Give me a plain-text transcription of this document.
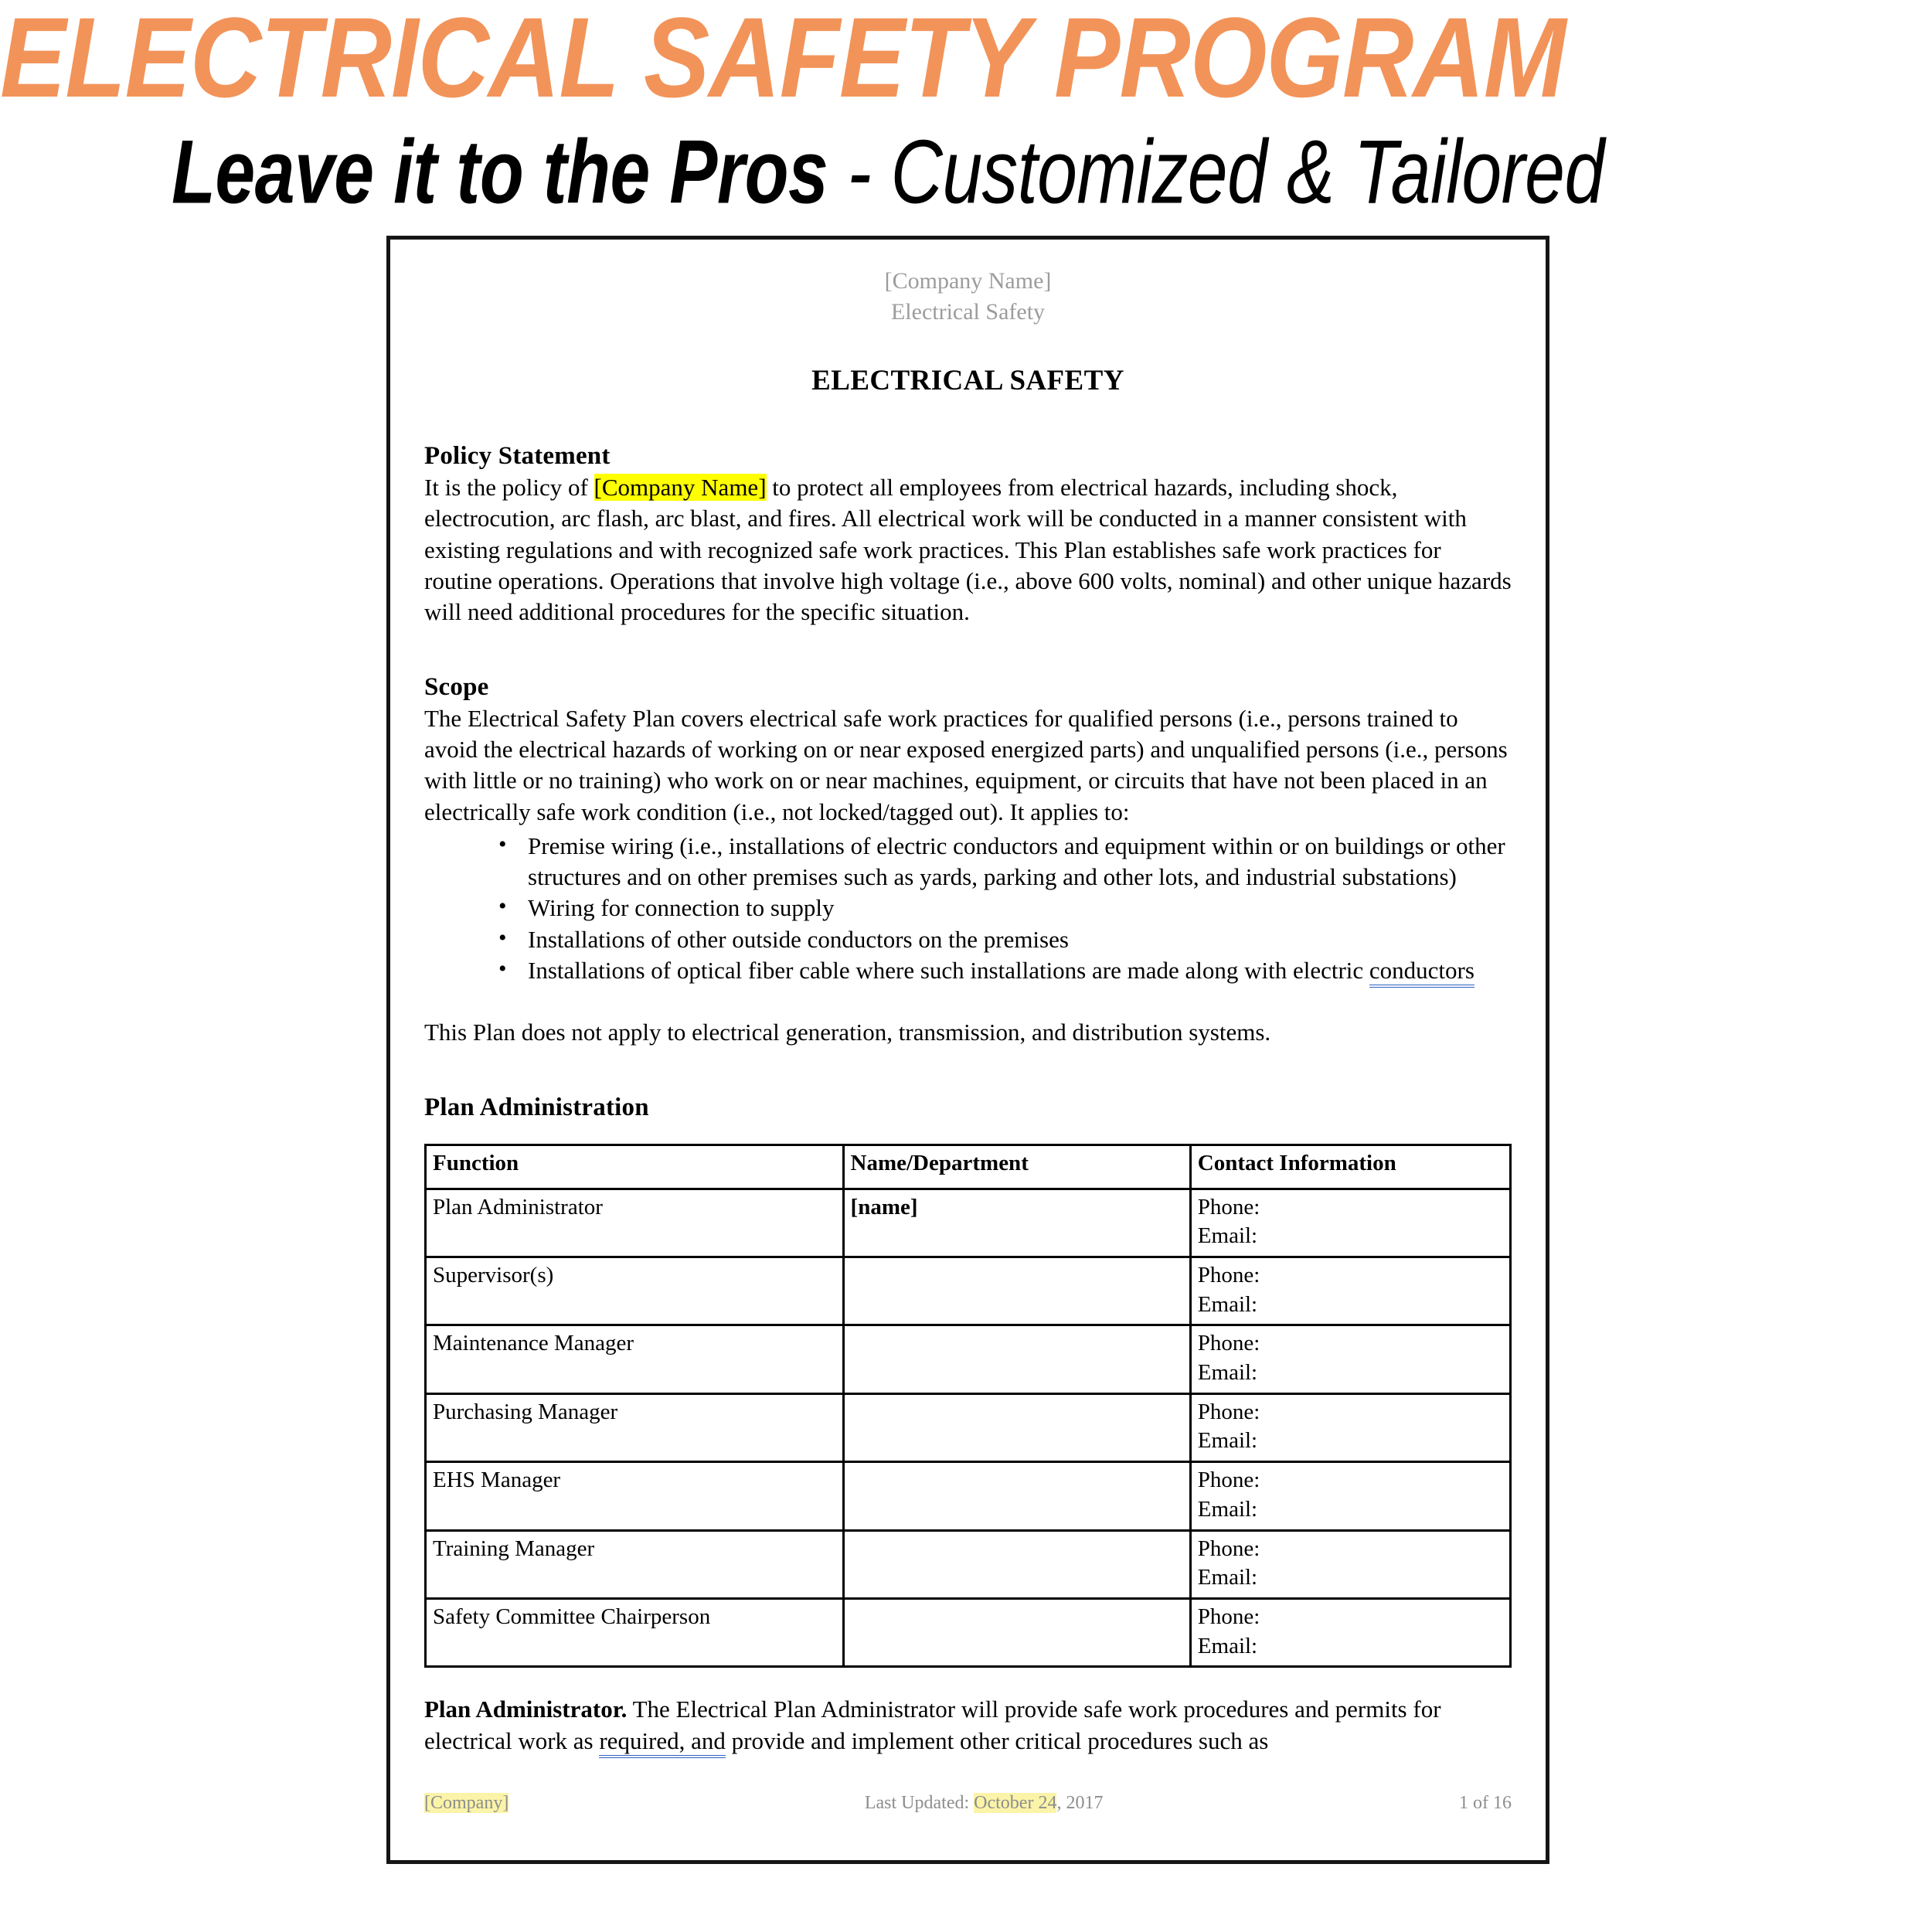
ELECTRICAL SAFETY PROGRAM
Leave it to the Pros - Customized & Tailored
[Company Name]
Electrical Safety
ELECTRICAL SAFETY
Policy Statement
It is the policy of [Company Name] to protect all employees from electrical hazards, including shock, electrocution, arc flash, arc blast, and fires. All electrical work will be conducted in a manner consistent with existing regulations and with recognized safe work practices. This Plan establishes safe work practices for routine operations. Operations that involve high voltage (i.e., above 600 volts, nominal) and other unique hazards will need additional procedures for the specific situation.
Scope
The Electrical Safety Plan covers electrical safe work practices for qualified persons (i.e., persons trained to avoid the electrical hazards of working on or near exposed energized parts) and unqualified persons (i.e., persons with little or no training) who work on or near machines, equipment, or circuits that have not been placed in an electrically safe work condition (i.e., not locked/tagged out). It applies to:
• Premise wiring (i.e., installations of electric conductors and equipment within or on buildings or other structures and on other premises such as yards, parking and other lots, and industrial substations)
• Wiring for connection to supply
• Installations of other outside conductors on the premises
• Installations of optical fiber cable where such installations are made along with electric conductors
This Plan does not apply to electrical generation, transmission, and distribution systems.
Plan Administration
Function	Name/Department	Contact Information
Plan Administrator	[name]	Phone:
Email:

Supervisor(s)		Phone:
Email:

Maintenance Manager		Phone:
Email:

Purchasing Manager		Phone:
Email:

EHS Manager		Phone:
Email:

Training Manager		Phone:
Email:

Safety Committee Chairperson		Phone:
Email:
Plan Administrator. The Electrical Plan Administrator will provide safe work procedures and permits for electrical work as required, and provide and implement other critical procedures such as
[Company]	Last Updated: October 24, 2017	1 of 16
